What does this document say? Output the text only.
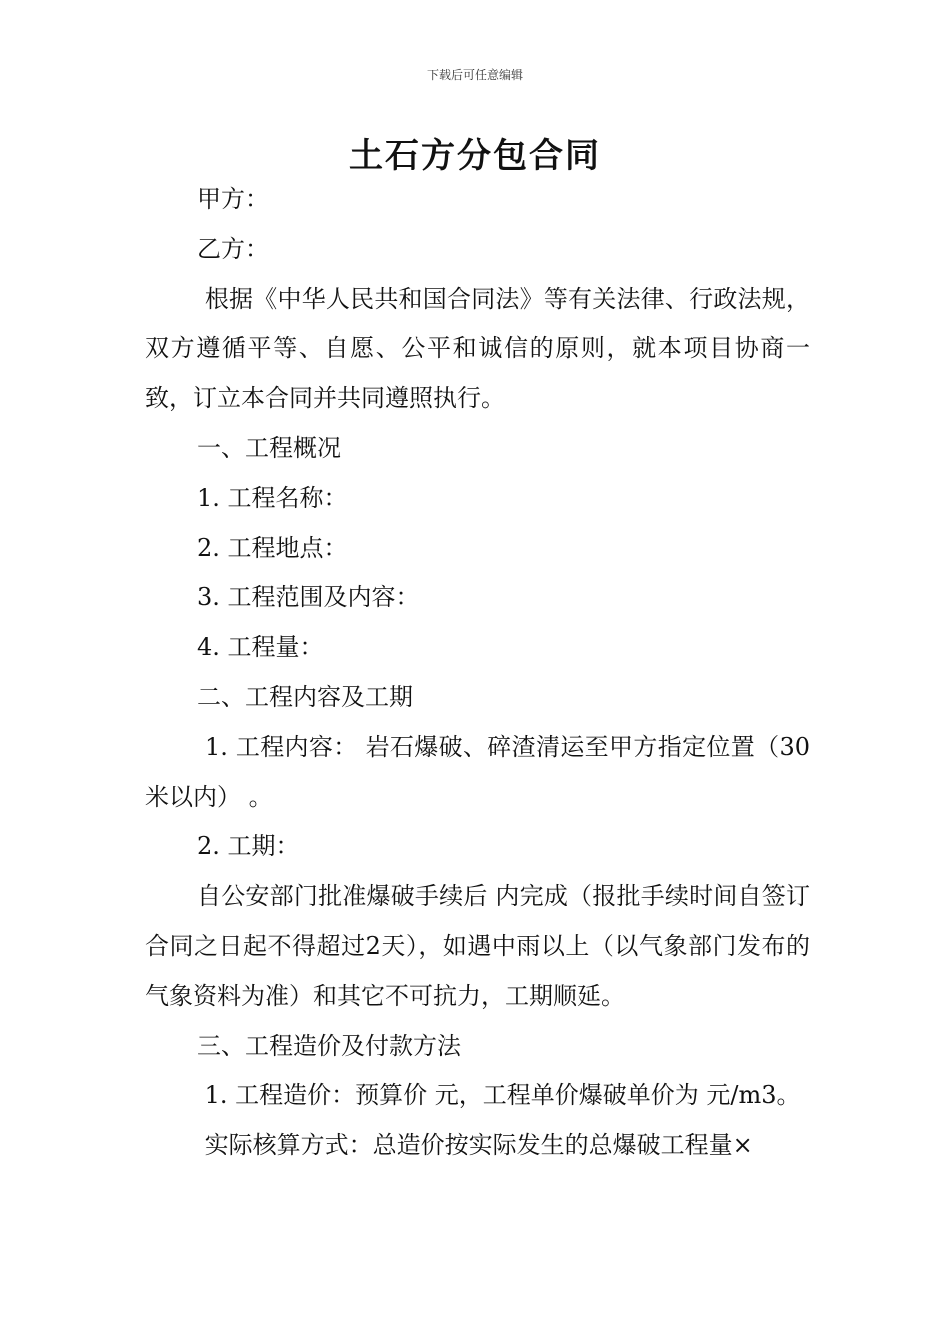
下载后可任意编辑
土石方分包合同

甲方：

乙方：

根据《中华人民共和国合同法》等有关法律、行政法规，双方遵循平等、自愿、公平和诚信的原则，就本项目协商一致，订立本合同并共同遵照执行。

一、工程概况

1. 工程名称：

2. 工程地点：

3. 工程范围及内容：

4. 工程量：

二、工程内容及工期

1. 工程内容： 岩石爆破、碎渣清运至甲方指定位置（30米以内） 。

2. 工期：

自公安部门批准爆破手续后 内完成（报批手续时间自签订合同之日起不得超过2天），如遇中雨以上（以气象部门发布的气象资料为准）和其它不可抗力，工期顺延。

三、工程造价及付款方法

1. 工程造价：预算价 元，工程单价爆破单价为 元/m3。

实际核算方式：总造价按实际发生的总爆破工程量×
